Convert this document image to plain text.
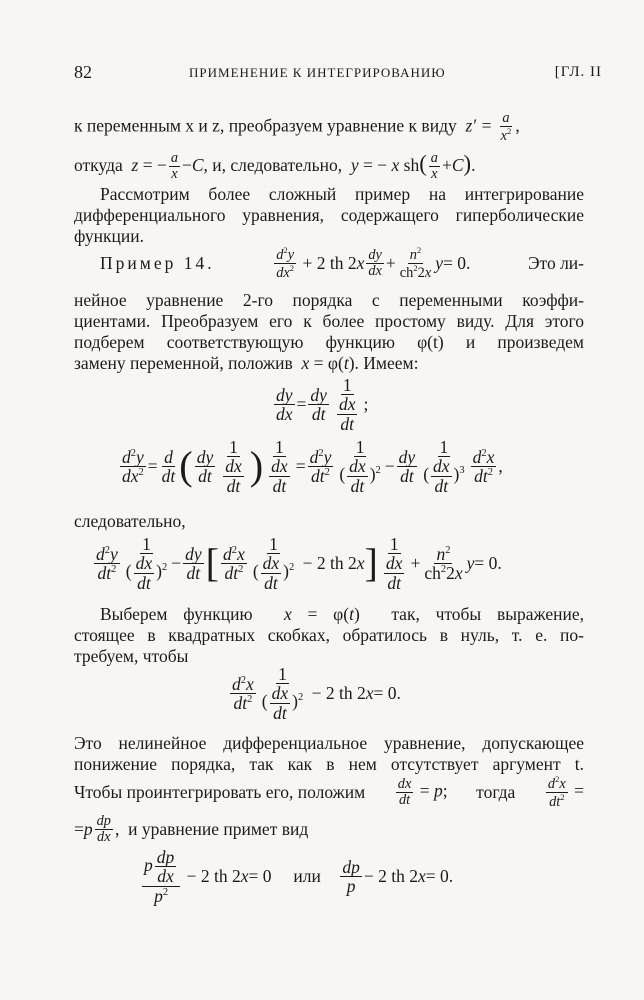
82	ПРИМЕНЕНИЕ К ИНТЕГРИРОВАНИЮ	[ГЛ. II
к переменным x и z, преобразуем уравнение к виду  $z' = \frac{a}{x^2}$ ,
откуда  z = − $\frac{a}{x} -C$, и, следовательно,  y = − x $sh( \frac{a}{x} +C)$.
Рассмотрим более сложный пример на интегрирование
дифференциального уравнения, содержащего гиперболические
функции.
Пример 14.	$d^2y$
$dx^2 + 2$ th 2 x dy
dx + $n^2$
$ch^22x$ y = 0.	Это ли-
нейное уравнение 2-го порядка с переменными коэффи-
циентами. Преобразуем его к более простому виду. Для этого
подберем соответствующую функцию φ(t) и произведем
замену переменной, положив  x = φ(t). Имеем:
dy
dx = dy
dt
1
$\frac{dx}{dt}$ ;
$d^2y$
$dx^2 = d$
dt ( dy
dt
1
$\frac{dx}{dt}$ ) 1
$\frac{dx}{dt} = d^2y$
$dt^2$
1
( $\frac{dx}{dt} )^2$ − dy
dt
1
( $\frac{dx}{dt} )^3$
$d^2x$
$dt^2$ ,
следовательно,
$d^2y$
$dt^2$
1
( $\frac{dx}{dt} )^2$ − dy
dt [ $d^2x$
$dt^2$
1
( $\frac{dx}{dt} )^2 - 2$ th 2 x ] 1
$\frac{dx}{dt} + n^2$
$ch^22x$ y = 0.
Выберем функцию  x = φ(t)  так, чтобы выражение,
стоящее в квадратных скобках, обратилось в нуль, т. е. по-
требуем, чтобы
$d^2x$
$dt^2$
1
( $\frac{dx}{dt} )^2 - 2$ th 2 x = 0.
Это нелинейное дифференциальное уравнение, допускающее
понижение порядка, так как в нем отсутствует аргумент t.
Чтобы проинтегрировать его, положим $\frac{dx}{dt} = p$; тогда $\frac{d^2x}{dt^2}$ =
= p dp
dx , и уравнение примет вид
p $\frac{dp}{dx}$
$p^2$
− 2 th 2 x = 0 или
dp
p − 2 th 2 x = 0.
